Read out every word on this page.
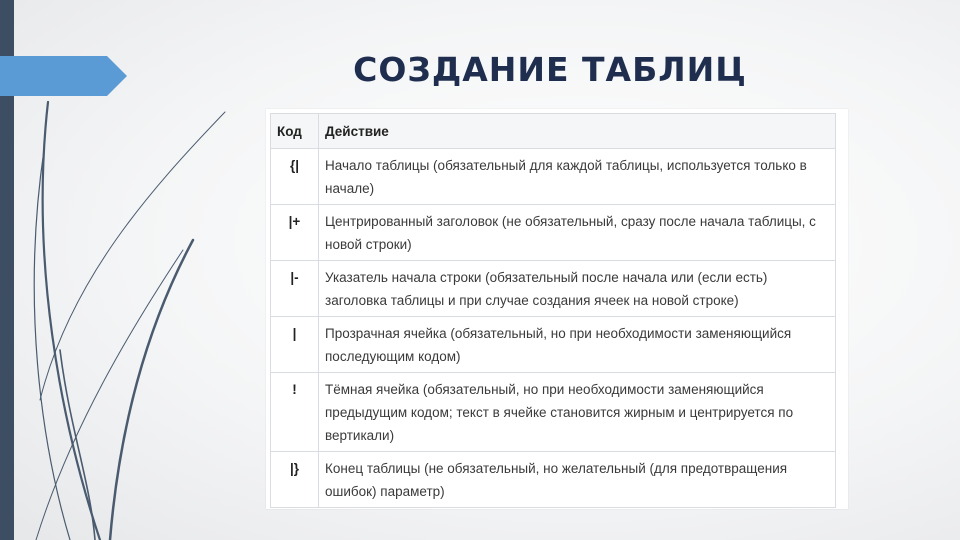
СОЗДАНИЕ ТАБЛИЦ
Код	Действие
{|	Начало таблицы (обязательный для каждой таблицы, используется только в начале)
|+	Центрированный заголовок (не обязательный, сразу после начала таблицы, с новой строки)
|-	Указатель начала строки (обязательный после начала или (если есть) заголовка таблицы и при случае создания ячеек на новой строке)
|	Прозрачная ячейка (обязательный, но при необходимости заменяющийся последующим кодом)
!	Тёмная ячейка (обязательный, но при необходимости заменяющийся предыдущим кодом; текст в ячейке становится жирным и центрируется по вертикали)
|}	Конец таблицы (не обязательный, но желательный (для предотвращения ошибок) параметр)
